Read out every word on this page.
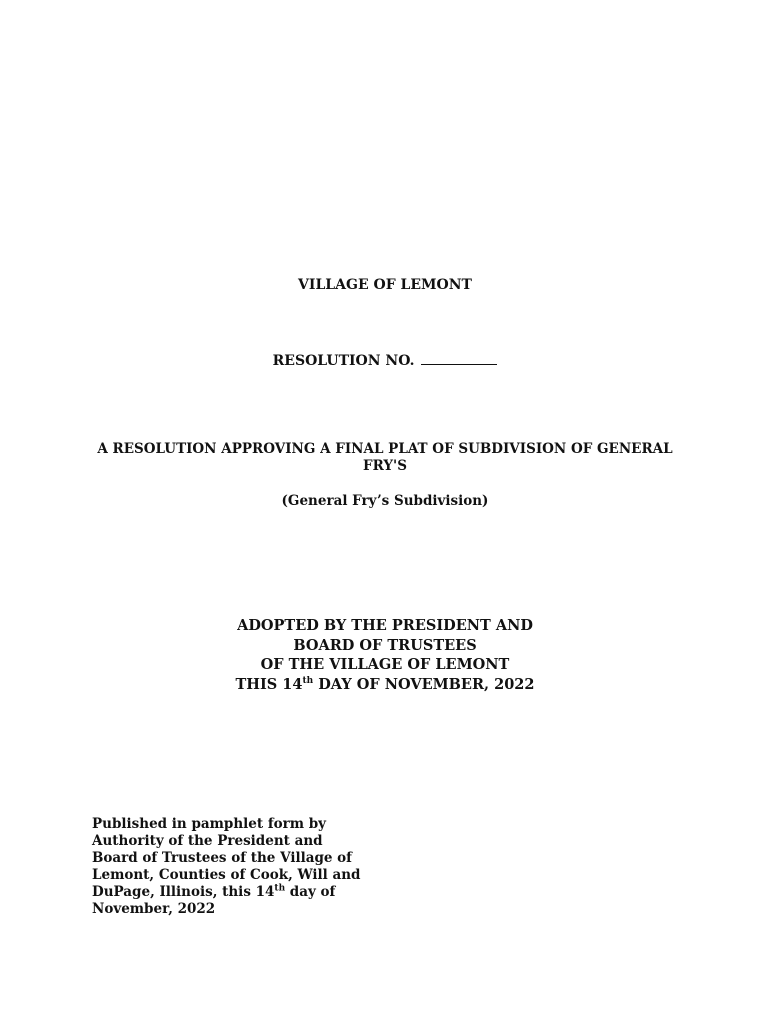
VILLAGE OF LEMONT
RESOLUTION NO.
A RESOLUTION APPROVING A FINAL PLAT OF SUBDIVISION OF GENERAL
FRY'S
(General Fry’s Subdivision)
ADOPTED BY THE PRESIDENT AND
BOARD OF TRUSTEES
OF THE VILLAGE OF LEMONT
THIS 14th DAY OF NOVEMBER, 2022
Published in pamphlet form by
Authority of the President and
Board of Trustees of the Village of
Lemont, Counties of Cook, Will and
DuPage, Illinois, this 14th day of
November, 2022
